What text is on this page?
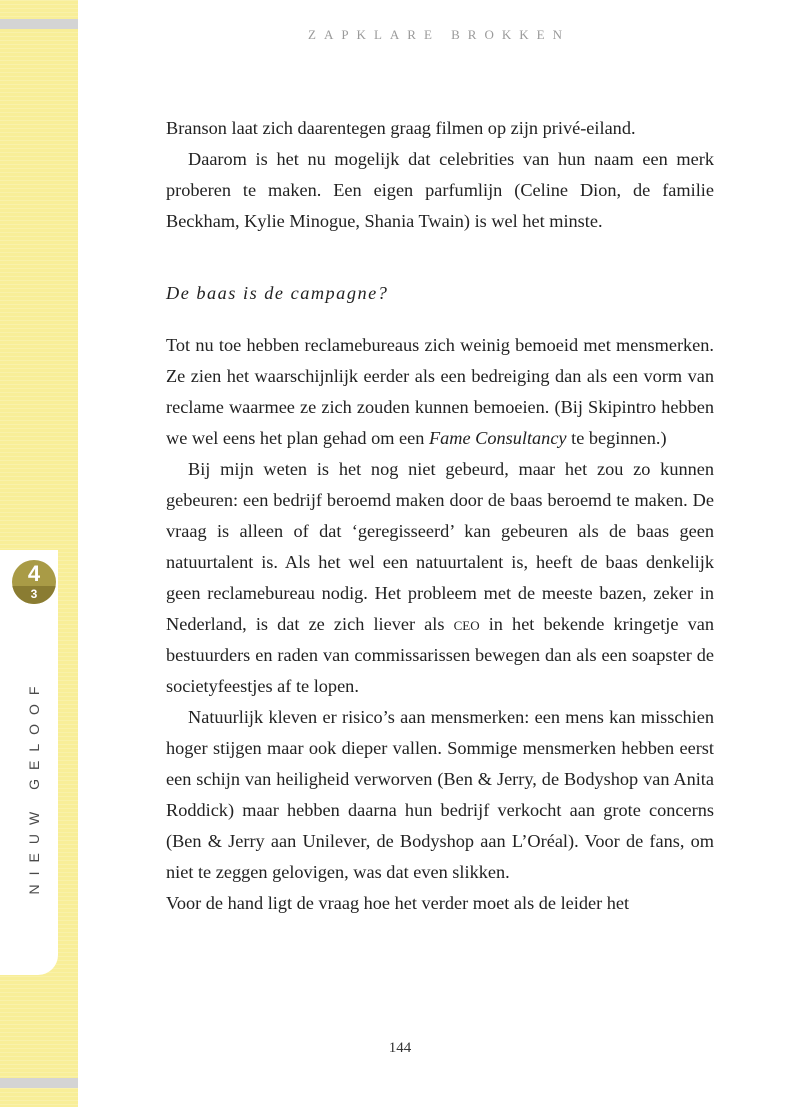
4
3
NIEUW GELOOF
ZAPKLARE BROKKEN

Branson laat zich daarentegen graag filmen op zijn privé-eiland.

Daarom is het nu mogelijk dat celebrities van hun naam een merk proberen te maken. Een eigen parfumlijn (Celine Dion, de familie Beckham, Kylie Minogue, Shania Twain) is wel het minste.

De baas is de campagne?

Tot nu toe hebben reclamebureaus zich weinig bemoeid met mensmerken. Ze zien het waarschijnlijk eerder als een bedreiging dan als een vorm van reclame waarmee ze zich zouden kunnen bemoeien. (Bij Skipintro hebben we wel eens het plan gehad om een Fame Consultancy te beginnen.)

Bij mijn weten is het nog niet gebeurd, maar het zou zo kunnen gebeuren: een bedrijf beroemd maken door de baas beroemd te maken. De vraag is alleen of dat ‘geregisseerd’ kan gebeuren als de baas geen natuurtalent is. Als het wel een natuurtalent is, heeft de baas denkelijk geen reclamebureau nodig. Het probleem met de meeste bazen, zeker in Nederland, is dat ze zich liever als ceo in het bekende kringetje van bestuurders en raden van commissarissen bewegen dan als een soapster de societyfeestjes af te lopen.

Natuurlijk kleven er risico’s aan mensmerken: een mens kan misschien hoger stijgen maar ook dieper vallen. Sommige mensmerken hebben eerst een schijn van heiligheid verworven (Ben & Jerry, de Bodyshop van Anita Roddick) maar hebben daarna hun bedrijf verkocht aan grote concerns (Ben & Jerry aan Unilever, de Bodyshop aan L’Oréal). Voor de fans, om niet te zeggen gelovigen, was dat even slikken.

Voor de hand ligt de vraag hoe het verder moet als de leider het

144
